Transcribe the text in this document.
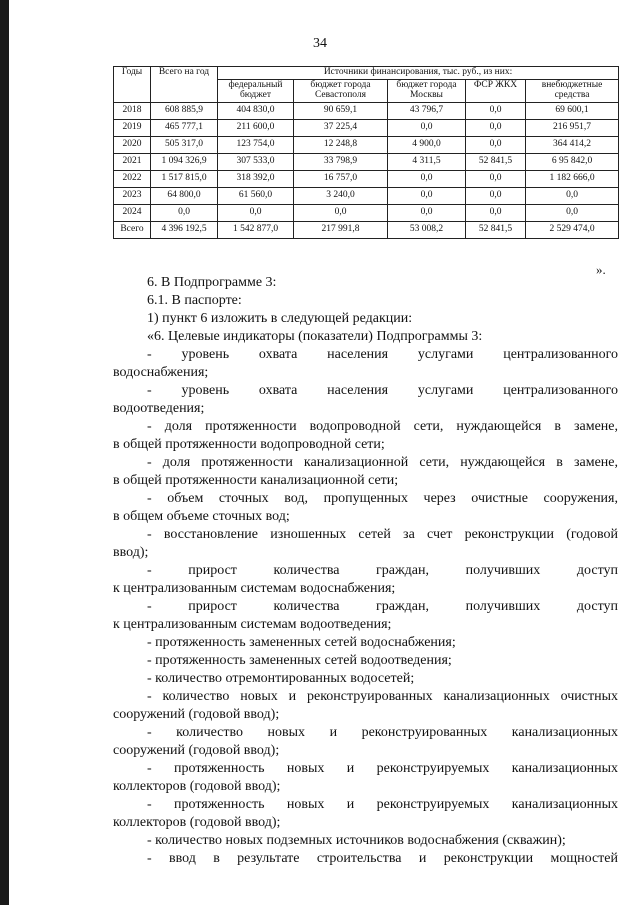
34
Годы	Всего на год	Источники финансирования, тыс. руб., из них:				
		федеральный бюджет	бюджет города Севастополя	бюджет города Москвы	ФСР ЖКХ	внебюджетные средства
2018	608 885,9	404 830,0	90 659,1	43 796,7	0,0	69 600,1
2019	465 777,1	211 600,0	37 225,4	0,0	0,0	216 951,7
2020	505 317,0	123 754,0	12 248,8	4 900,0	0,0	364 414,2
2021	1 094 326,9	307 533,0	33 798,9	4 311,5	52 841,5	6 95 842,0
2022	1 517 815,0	318 392,0	16 757,0	0,0	0,0	1 182 666,0
2023	64 800,0	61 560,0	3 240,0	0,0	0,0	0,0
2024	0,0	0,0	0,0	0,0	0,0	0,0
Всего	4 396 192,5	1 542 877,0	217 991,8	53 008,2	52 841,5	2 529 474,0
».
6. В Подпрограмме 3:
6.1. В паспорте:
1) пункт 6 изложить в следующей редакции:
«6. Целевые индикаторы (показатели) Подпрограммы 3:
- уровень охвата населения услугами централизованного
водоснабжения;
- уровень охвата населения услугами централизованного
водоотведения;
- доля протяженности водопроводной сети, нуждающейся в замене,
в общей протяженности водопроводной сети;
- доля протяженности канализационной сети, нуждающейся в замене,
в общей протяженности канализационной сети;
- объем сточных вод, пропущенных через очистные сооружения,
в общем объеме сточных вод;
- восстановление изношенных сетей за счет реконструкции (годовой
ввод);
- прирост количества граждан, получивших доступ
к централизованным системам водоснабжения;
- прирост количества граждан, получивших доступ
к централизованным системам водоотведения;
- протяженность замененных сетей водоснабжения;
- протяженность замененных сетей водоотведения;
- количество отремонтированных водосетей;
- количество новых и реконструированных канализационных очистных
сооружений (годовой ввод);
- количество новых и реконструированных канализационных
сооружений (годовой ввод);
- протяженность новых и реконструируемых канализационных
коллекторов (годовой ввод);
- протяженность новых и реконструируемых канализационных
коллекторов (годовой ввод);
- количество новых подземных источников водоснабжения (скважин);
- ввод в результате строительства и реконструкции мощностей
